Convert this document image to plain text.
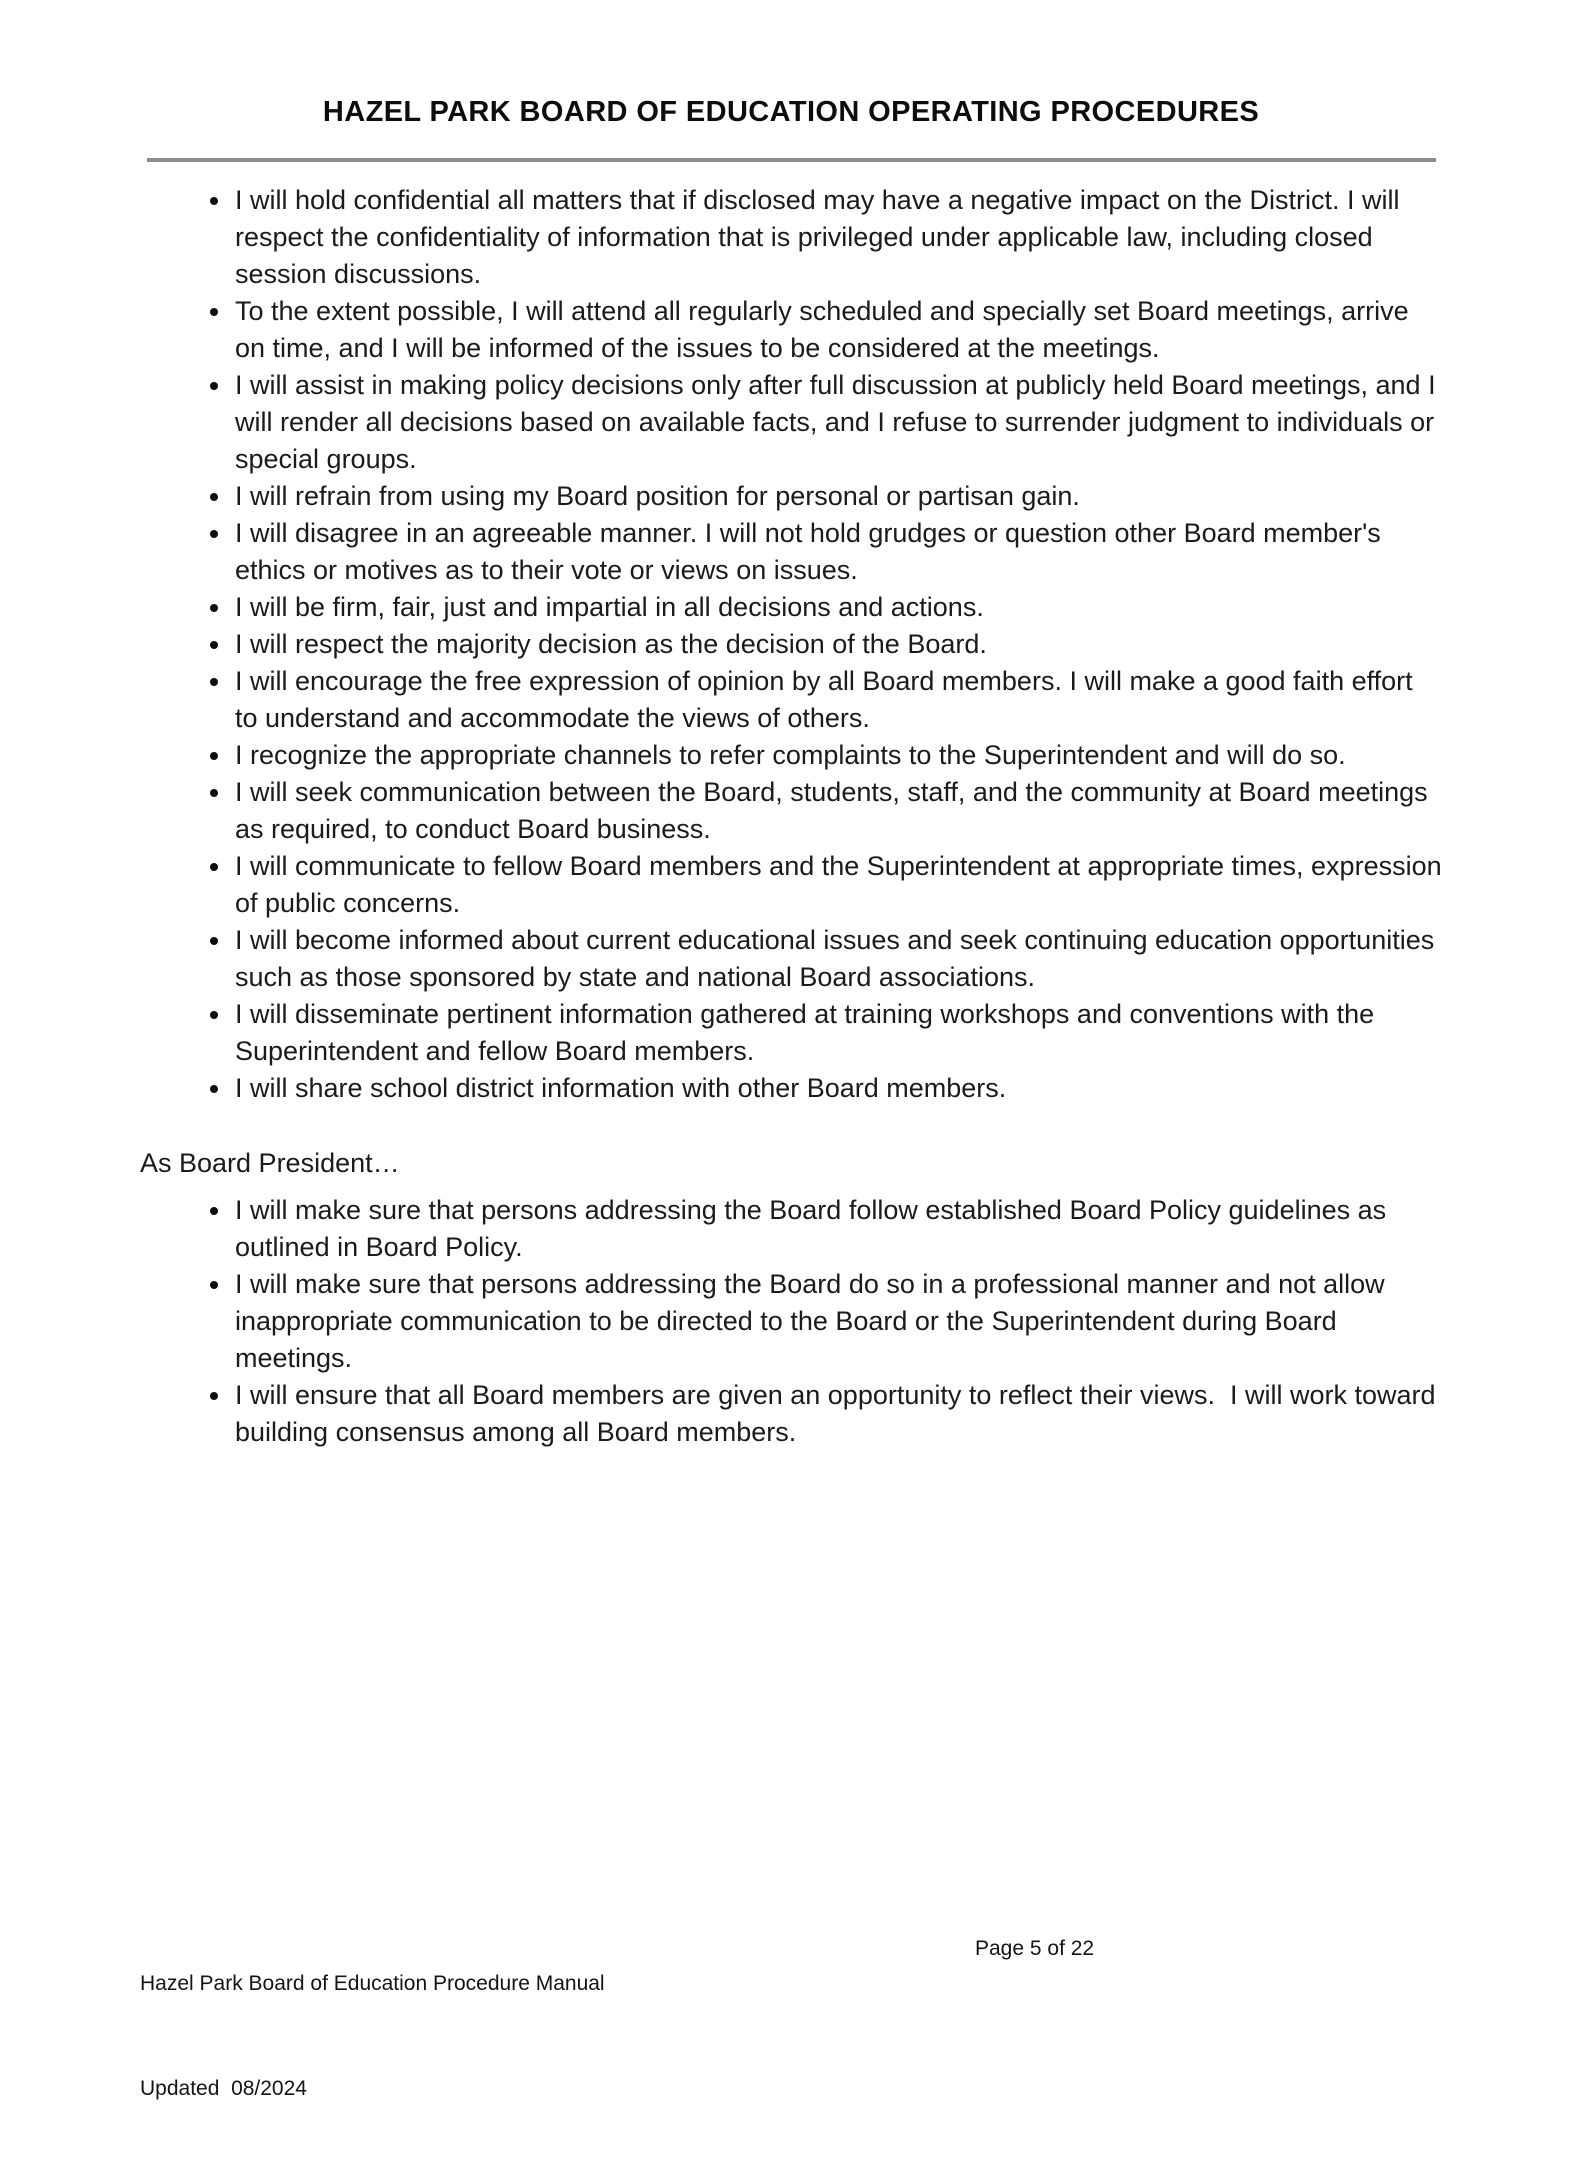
HAZEL PARK BOARD OF EDUCATION OPERATING PROCEDURES
• I will hold confidential all matters that if disclosed may have a negative impact on the District. I will respect the confidentiality of information that is privileged under applicable law, including closed session discussions.
• To the extent possible, I will attend all regularly scheduled and specially set Board meetings, arrive on time, and I will be informed of the issues to be considered at the meetings.
• I will assist in making policy decisions only after full discussion at publicly held Board meetings, and I will render all decisions based on available facts, and I refuse to surrender judgment to individuals or special groups.
• I will refrain from using my Board position for personal or partisan gain.
• I will disagree in an agreeable manner. I will not hold grudges or question other Board member's ethics or motives as to their vote or views on issues.
• I will be firm, fair, just and impartial in all decisions and actions.
• I will respect the majority decision as the decision of the Board.
• I will encourage the free expression of opinion by all Board members. I will make a good faith effort to understand and accommodate the views of others.
• I recognize the appropriate channels to refer complaints to the Superintendent and will do so.
• I will seek communication between the Board, students, staff, and the community at Board meetings as required, to conduct Board business.
• I will communicate to fellow Board members and the Superintendent at appropriate times, expression of public concerns.
• I will become informed about current educational issues and seek continuing education opportunities such as those sponsored by state and national Board associations.
• I will disseminate pertinent information gathered at training workshops and conventions with the Superintendent and fellow Board members.
• I will share school district information with other Board members.

As Board President…

• I will make sure that persons addressing the Board follow established Board Policy guidelines as outlined in Board Policy.
• I will make sure that persons addressing the Board do so in a professional manner and not allow inappropriate communication to be directed to the Board or the Superintendent during Board meetings.
• I will ensure that all Board members are given an opportunity to reflect their views.  I will work toward building consensus among all Board members.

Hazel Park Board of Education Procedure Manual

Updated  08/2024

Page 5 of 22
